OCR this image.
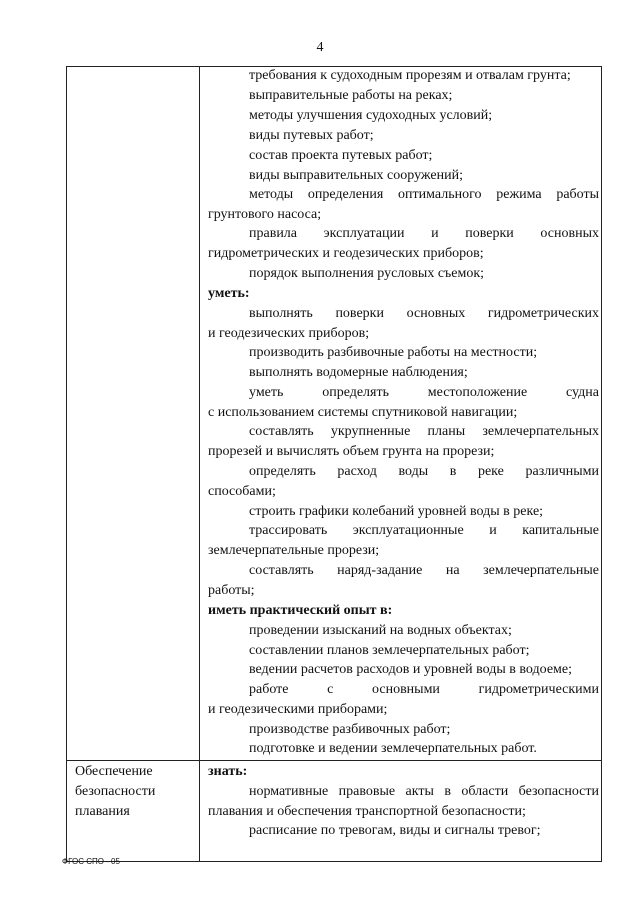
4
требования к судоходным прорезям и отвалам грунта;
выправительные работы на реках;
методы улучшения судоходных условий;
виды путевых работ;
состав проекта путевых работ;
виды выправительных сооружений;
методы определения оптимального режима работы
грунтового насоса;
правила эксплуатации и поверки основных
гидрометрических и геодезических приборов;
порядок выполнения русловых съемок;
уметь:
выполнять поверки основных гидрометрических
и геодезических приборов;
производить разбивочные работы на местности;
выполнять водомерные наблюдения;
уметь определять местоположение судна
с использованием системы спутниковой навигации;
составлять укрупненные планы землечерпательных
прорезей и вычислять объем грунта на прорези;
определять расход воды в реке различными
способами;
строить графики колебаний уровней воды в реке;
трассировать эксплуатационные и капитальные
землечерпательные прорези;
составлять наряд-задание на землечерпательные
работы;
иметь практический опыт в:
проведении изысканий на водных объектах;
составлении планов землечерпательных работ;
ведении расчетов расходов и уровней воды в водоеме;
работе с основными гидрометрическими
и геодезическими приборами;
производстве разбивочных работ;
подготовке и ведении землечерпательных работ.
Обеспечение
безопасности
плавания
знать:
нормативные правовые акты в области безопасности
плавания и обеспечения транспортной безопасности;
расписание по тревогам, виды и сигналы тревог;
ФГОС СПО - 05
